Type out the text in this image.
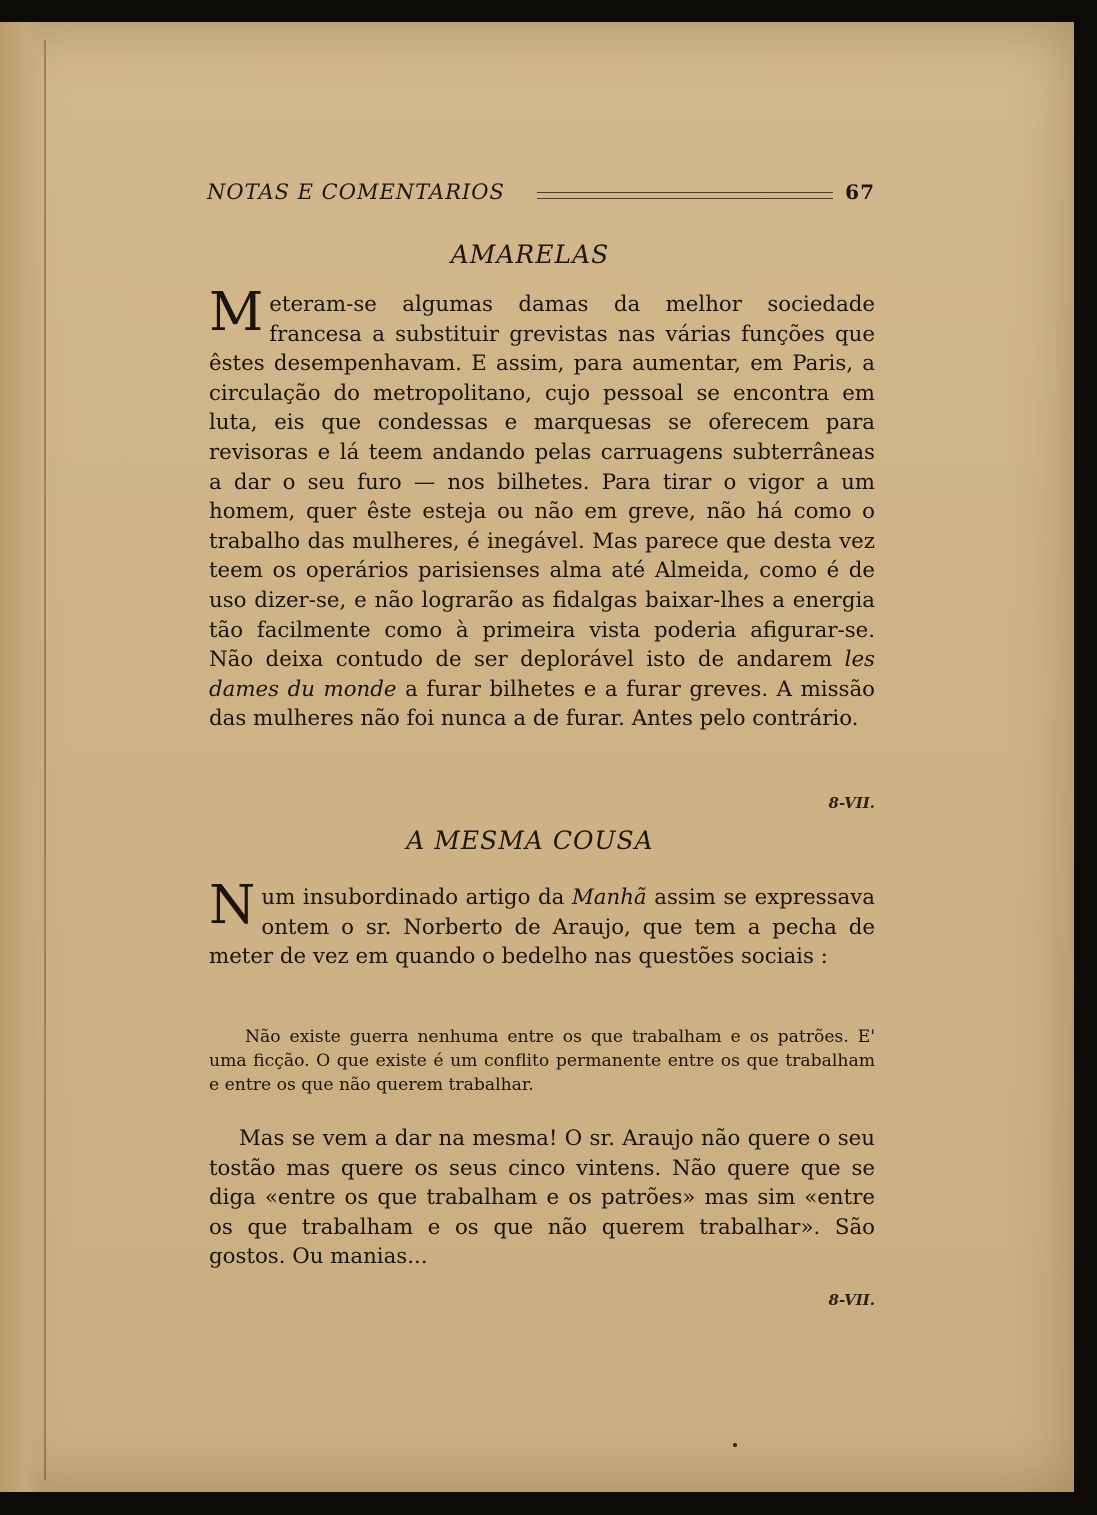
NOTAS E COMENTARIOS	67
AMARELAS
Meteram-se algumas damas da melhor sociedade francesa a substituir grevistas nas várias funções que êstes desempenhavam. E assim, para aumentar, em Paris, a circulação do metropolitano, cujo pessoal se encontra em luta, eis que condessas e marquesas se oferecem para revisoras e lá teem andando pelas carruagens subterrâneas a dar o seu furo — nos bilhetes. Para tirar o vigor a um homem, quer êste esteja ou não em greve, não há como o trabalho das mulheres, é inegável. Mas parece que desta vez teem os operários parisienses alma até Almeida, como é de uso dizer-se, e não lograrão as fidalgas baixar-lhes a energia tão facilmente como à primeira vista poderia afigurar-se. Não deixa contudo de ser deplorável isto de andarem les dames du monde a furar bilhetes e a furar greves. A missão das mulheres não foi nunca a de furar. Antes pelo contrário.
8-VII.
A MESMA COUSA
Num insubordinado artigo da Manhã assim se expressava ontem o sr. Norberto de Araujo, que tem a pecha de meter de vez em quando o bedelho nas questões sociais :
Não existe guerra nenhuma entre os que trabalham e os patrões. E' uma ficção. O que existe é um conflito permanente entre os que trabalham e entre os que não querem trabalhar.
Mas se vem a dar na mesma! O sr. Araujo não quere o seu tostão mas quere os seus cinco vintens. Não quere que se diga «entre os que trabalham e os patrões» mas sim «entre os que trabalham e os que não querem trabalhar». São gostos. Ou manias...
8-VII.
